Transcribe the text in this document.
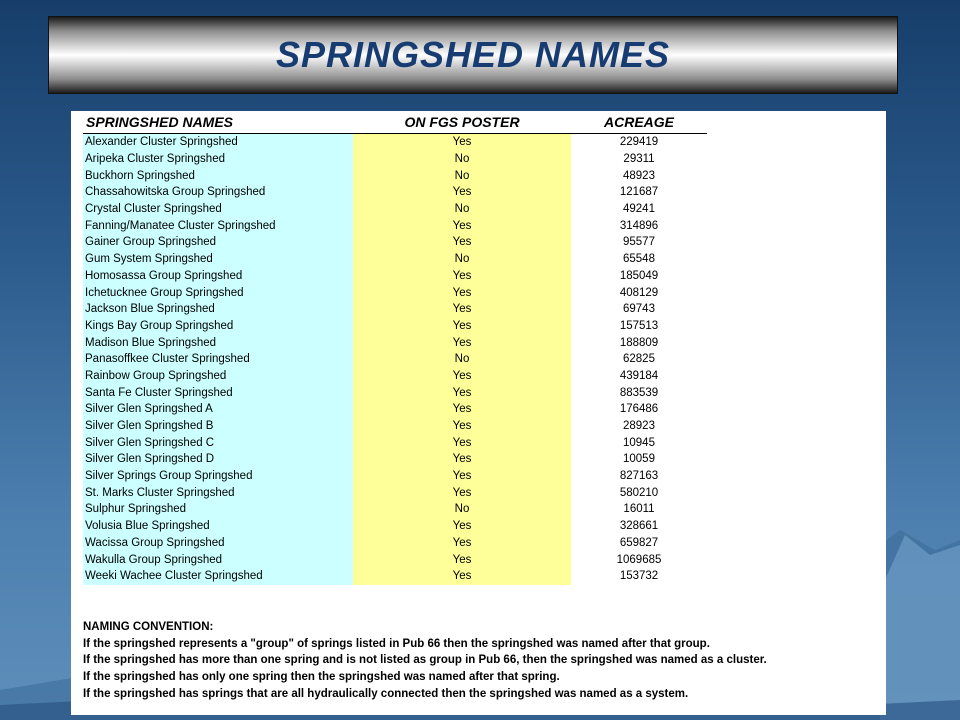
SPRINGSHED NAMES
SPRINGSHED NAMES	ON FGS POSTER	ACREAGE
Alexander Cluster Springshed	Yes	229419
Aripeka Cluster Springshed	No	29311
Buckhorn Springshed	No	48923
Chassahowitska Group Springshed	Yes	121687
Crystal Cluster Springshed	No	49241
Fanning/Manatee Cluster Springshed	Yes	314896
Gainer Group Springshed	Yes	95577
Gum System Springshed	No	65548
Homosassa Group Springshed	Yes	185049
Ichetucknee Group Springshed	Yes	408129
Jackson Blue Springshed	Yes	69743
Kings Bay Group Springshed	Yes	157513
Madison Blue Springshed	Yes	188809
Panasoffkee Cluster Springshed	No	62825
Rainbow Group Springshed	Yes	439184
Santa Fe Cluster Springshed	Yes	883539
Silver Glen Springshed A	Yes	176486
Silver Glen Springshed B	Yes	28923
Silver Glen Springshed C	Yes	10945
Silver Glen Springshed D	Yes	10059
Silver Springs Group Springshed	Yes	827163
St. Marks Cluster Springshed	Yes	580210
Sulphur Springshed	No	16011
Volusia Blue Springshed	Yes	328661
Wacissa Group Springshed	Yes	659827
Wakulla Group Springshed	Yes	1069685
Weeki Wachee Cluster Springshed	Yes	153732
NAMING CONVENTION:
If the springshed represents a "group" of springs listed in Pub 66 then the springshed was named after that group.
If the springshed has more than one spring and is not listed as group in Pub 66, then the springshed was named as a cluster.
If the springshed has only one spring then the springshed was named after that spring.
If the springshed has springs that are all hydraulically connected then the springshed was named as a system.
